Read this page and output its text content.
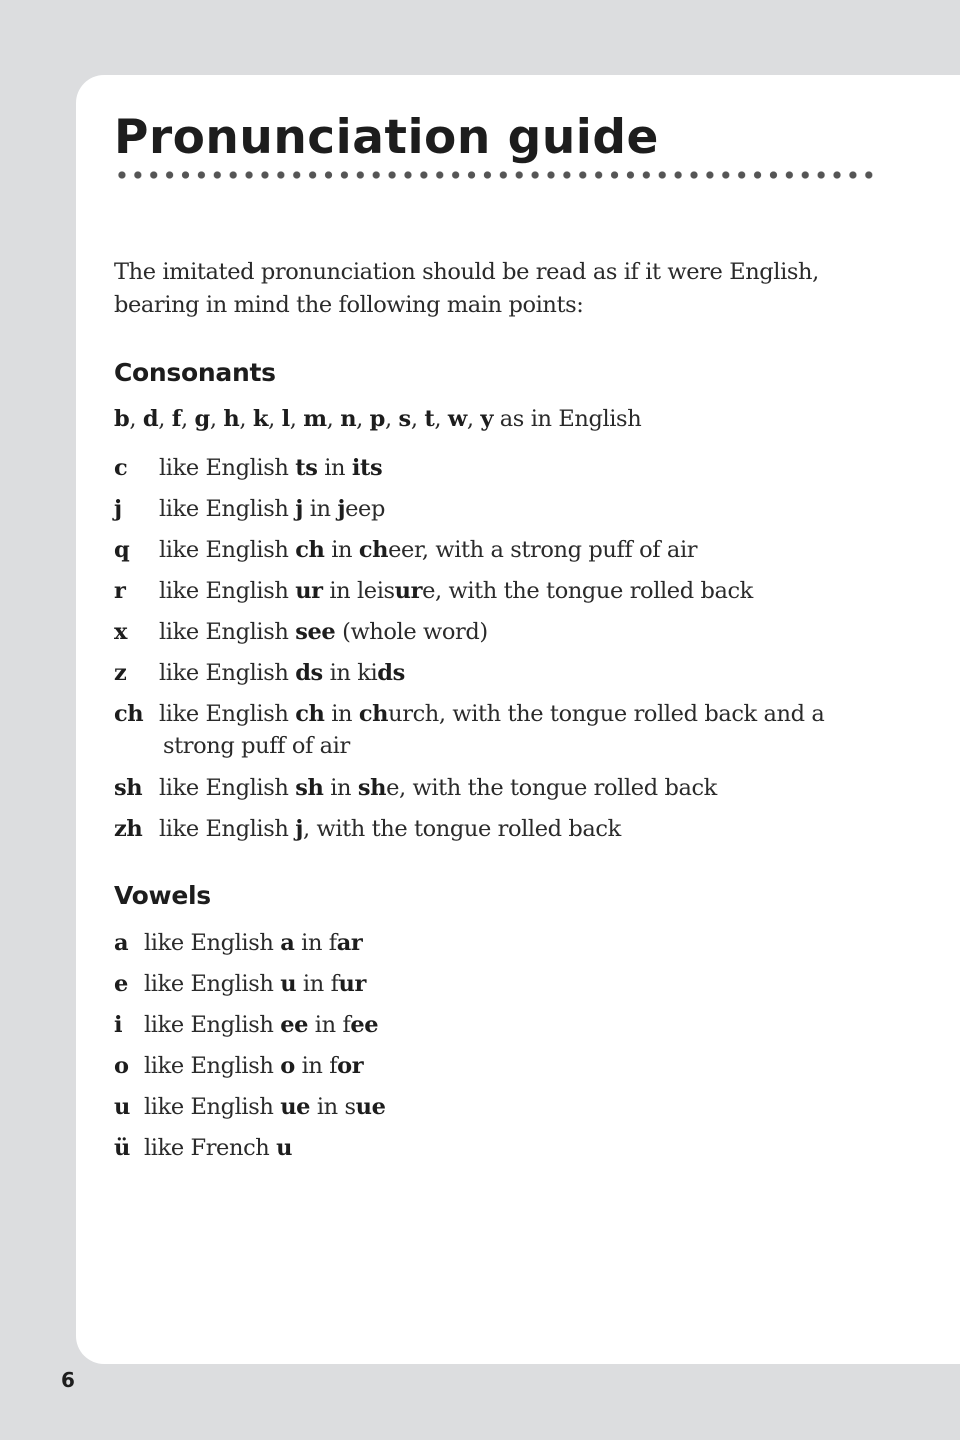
Pronunciation guide

The imitated pronunciation should be read as if it were English, bearing in mind the following main points:

Consonants
b, d, f, g, h, k, l, m, n, p, s, t, w, y as in English
c like English ts in its
j like English j in jeep
q like English ch in cheer, with a strong puff of air
r like English ur in leisure, with the tongue rolled back
x like English see (whole word)
z like English ds in kids
ch like English ch in church, with the tongue rolled back and a
strong puff of air
sh like English sh in she, with the tongue rolled back
zh like English j, with the tongue rolled back
Vowels
a like English a in far
e like English u in fur
i like English ee in fee
o like English o in for
u like English ue in sue
ü like French u
6
